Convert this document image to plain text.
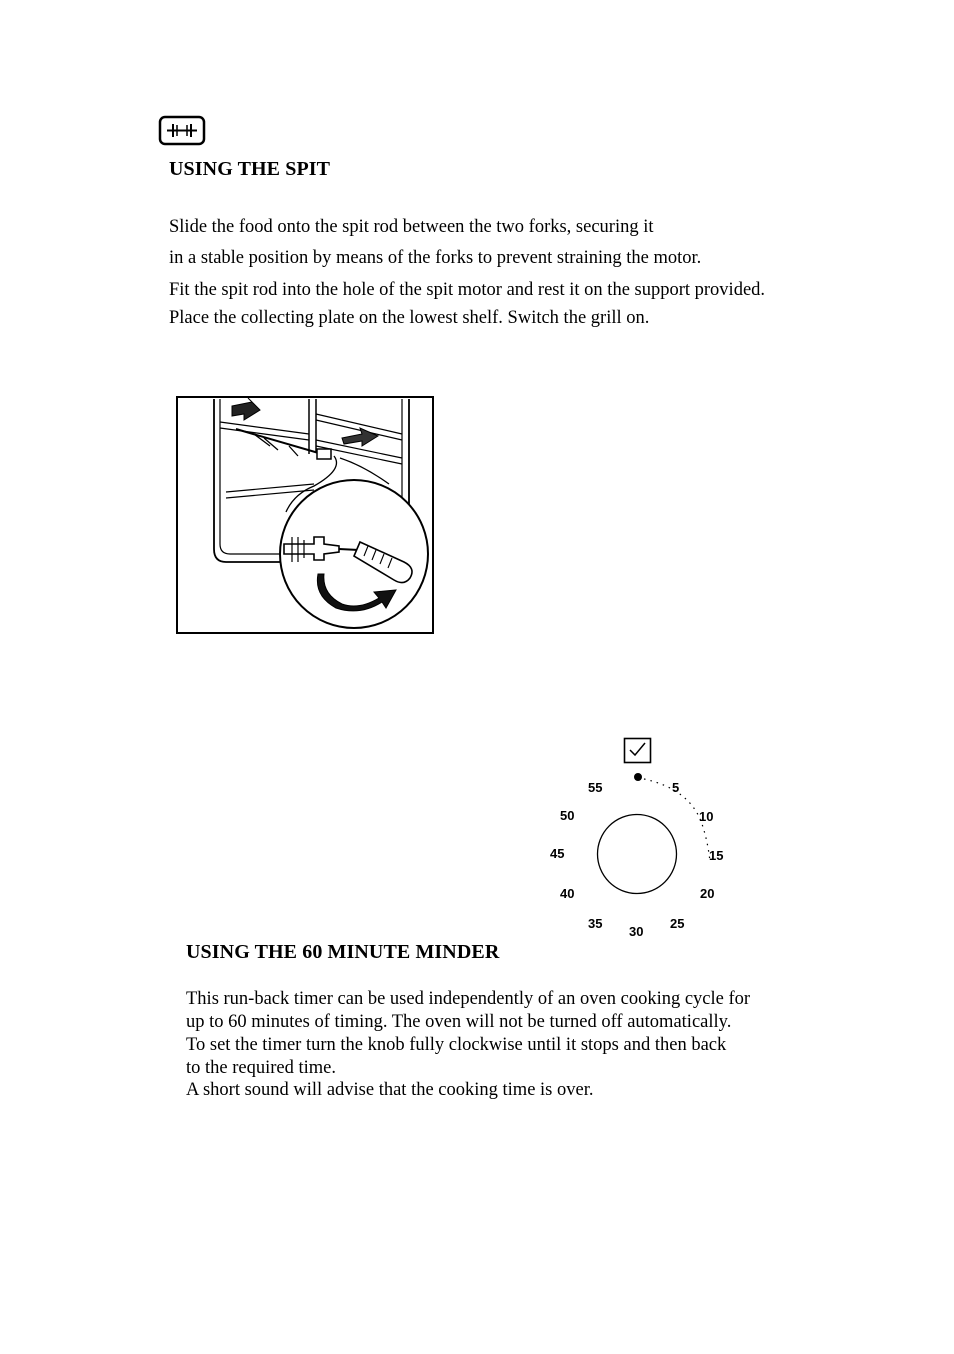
USING THE SPIT
Slide the food onto the spit rod between the two forks, securing it
in a stable position by means of the forks to prevent straining the motor.
Fit the spit rod into the hole of the spit motor and rest it on the support provided.
Place the collecting plate on the lowest shelf. Switch the grill on.
5
10
15
20
25
30
35
40
45
50
55
USING THE 60 MINUTE MINDER
This run-back timer can be used independently of an oven cooking cycle for
up to 60 minutes of timing. The oven will not be turned off automatically.
To set the timer turn the knob fully clockwise until it stops and then back
to the required time.
A short sound will advise that the cooking time is over.
